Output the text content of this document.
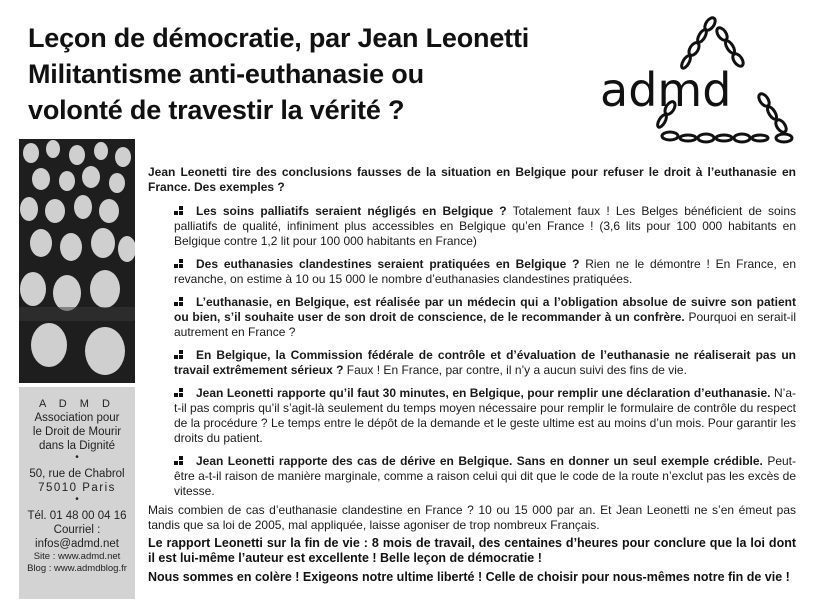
Leçon de démocratie, par Jean Leonetti
Militantisme anti-euthanasie ou
volonté de travestir la vérité ?	admd
A D M D
Association pour
le Droit de Mourir
dans la Dignité
•
50, rue de Chabrol
75010 Paris
•
Tél. 01 48 00 04 16
Courriel :
infos@admd.net
Site : www.admd.net
Blog : www.admdblog.fr

Jean Leonetti tire des conclusions fausses de la situation en Belgique pour refuser le droit à l’euthanasie en France. Des exemples ?

Les soins palliatifs seraient négligés en Belgique ? Totalement faux ! Les Belges bénéficient de soins palliatifs de qualité, infiniment plus accessibles en Belgique qu’en France ! (3,6 lits pour 100 000 habitants en Belgique contre 1,2 lit pour 100 000 habitants en France)

Des euthanasies clandestines seraient pratiquées en Belgique ? Rien ne le démontre ! En France, en revanche, on estime à 10 ou 15 000 le nombre d’euthanasies clandestines pratiquées.

L’euthanasie, en Belgique, est réalisée par un médecin qui a l’obligation absolue de suivre son patient ou bien, s’il souhaite user de son droit de conscience, de le recommander à un confrère. Pourquoi en serait-il autrement en France ?

En Belgique, la Commission fédérale de contrôle et d’évaluation de l’euthanasie ne réaliserait pas un travail extrêmement sérieux ? Faux ! En France, par contre, il n’y a aucun suivi des fins de vie.

Jean Leonetti rapporte qu’il faut 30 minutes, en Belgique, pour remplir une déclaration d’euthanasie. N’a-t-il pas compris qu’il s’agit-là seulement du temps moyen nécessaire pour remplir le formulaire de contrôle du respect de la procédure ? Le temps entre le dépôt de la demande et le geste ultime est au moins d’un mois. Pour garantir les droits du patient.

Jean Leonetti rapporte des cas de dérive en Belgique. Sans en donner un seul exemple crédible. Peut-être a-t-il raison de manière marginale, comme a raison celui qui dit que le code de la route n’exclut pas les excès de vitesse.

Mais combien de cas d’euthanasie clandestine en France ? 10 ou 15 000 par an. Et Jean Leonetti ne s’en émeut pas tandis que sa loi de 2005, mal appliquée, laisse agoniser de trop nombreux Français.

Le rapport Leonetti sur la fin de vie : 8 mois de travail, des centaines d’heures pour conclure que la loi dont il est lui-même l’auteur est excellente ! Belle leçon de démocratie !

Nous sommes en colère ! Exigeons notre ultime liberté ! Celle de choisir pour nous-mêmes notre fin de vie !
